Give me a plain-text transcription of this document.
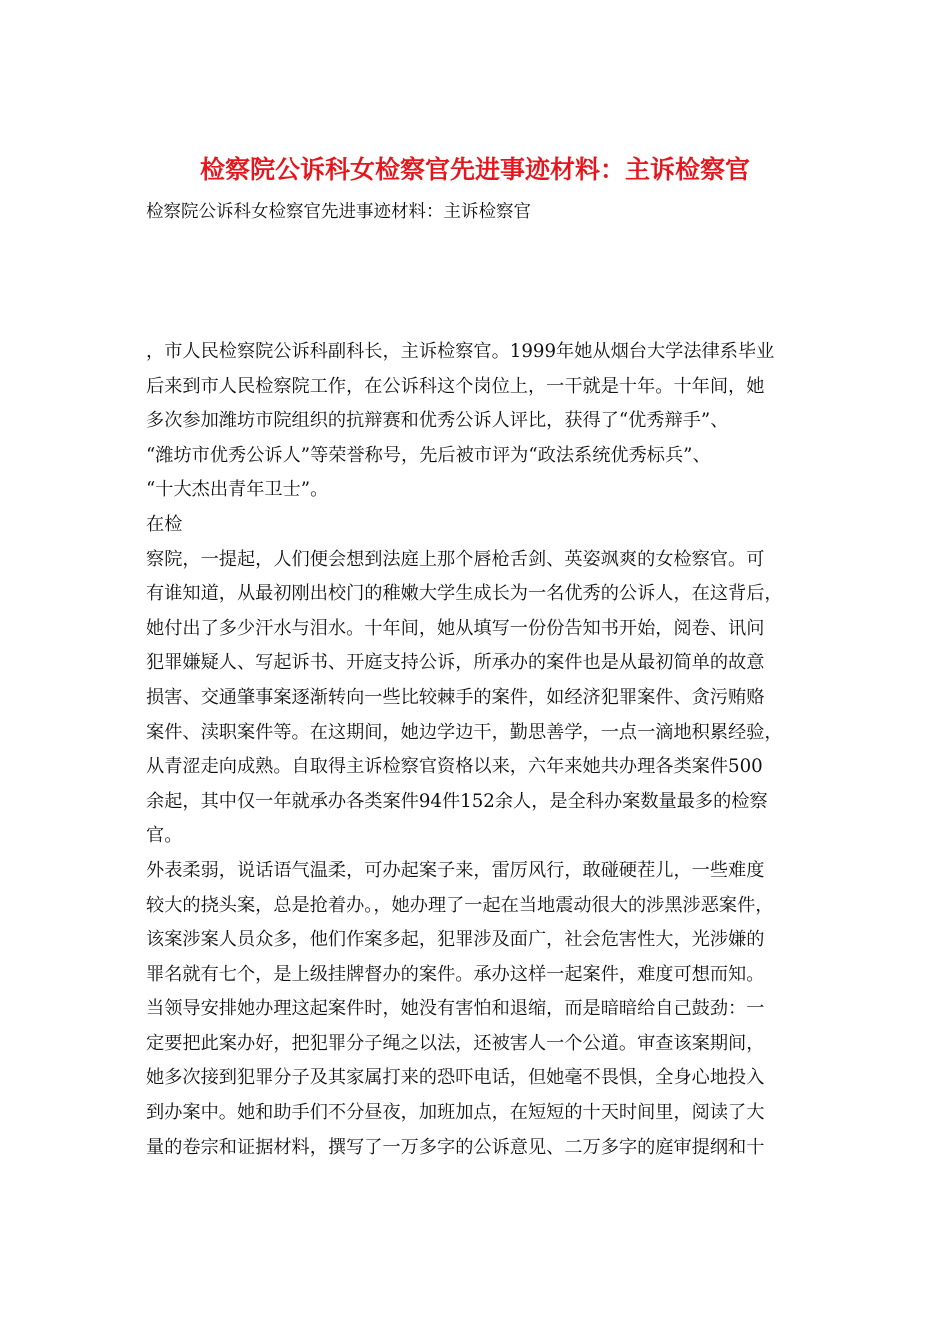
检察院公诉科女检察官先进事迹材料：主诉检察官

检察院公诉科女检察官先进事迹材料：主诉检察官

，市人民检察院公诉科副科长，主诉检察官。1999年她从烟台大学法律系毕业
后来到市人民检察院工作，在公诉科这个岗位上，一干就是十年。十年间，她
多次参加潍坊市院组织的抗辩赛和优秀公诉人评比，获得了“优秀辩手”、
“潍坊市优秀公诉人”等荣誉称号，先后被市评为“政法系统优秀标兵”、
“十大杰出青年卫士”。
在检
察院，一提起，人们便会想到法庭上那个唇枪舌剑、英姿飒爽的女检察官。可
有谁知道，从最初刚出校门的稚嫩大学生成长为一名优秀的公诉人，在这背后，
她付出了多少汗水与泪水。十年间，她从填写一份份告知书开始，阅卷、讯问
犯罪嫌疑人、写起诉书、开庭支持公诉，所承办的案件也是从最初简单的故意
损害、交通肇事案逐渐转向一些比较棘手的案件，如经济犯罪案件、贪污贿赂
案件、渎职案件等。在这期间，她边学边干，勤思善学，一点一滴地积累经验，
从青涩走向成熟。自取得主诉检察官资格以来，六年来她共办理各类案件500
余起，其中仅一年就承办各类案件94件152余人，是全科办案数量最多的检察
官。
外表柔弱，说话语气温柔，可办起案子来，雷厉风行，敢碰硬茬儿，一些难度
较大的挠头案，总是抢着办。，她办理了一起在当地震动很大的涉黑涉恶案件，
该案涉案人员众多，他们作案多起，犯罪涉及面广，社会危害性大，光涉嫌的
罪名就有七个，是上级挂牌督办的案件。承办这样一起案件，难度可想而知。
当领导安排她办理这起案件时，她没有害怕和退缩，而是暗暗给自己鼓劲：一
定要把此案办好，把犯罪分子绳之以法，还被害人一个公道。审查该案期间，
她多次接到犯罪分子及其家属打来的恐吓电话，但她毫不畏惧，全身心地投入
到办案中。她和助手们不分昼夜，加班加点，在短短的十天时间里，阅读了大
量的卷宗和证据材料，撰写了一万多字的公诉意见、二万多字的庭审提纲和十
